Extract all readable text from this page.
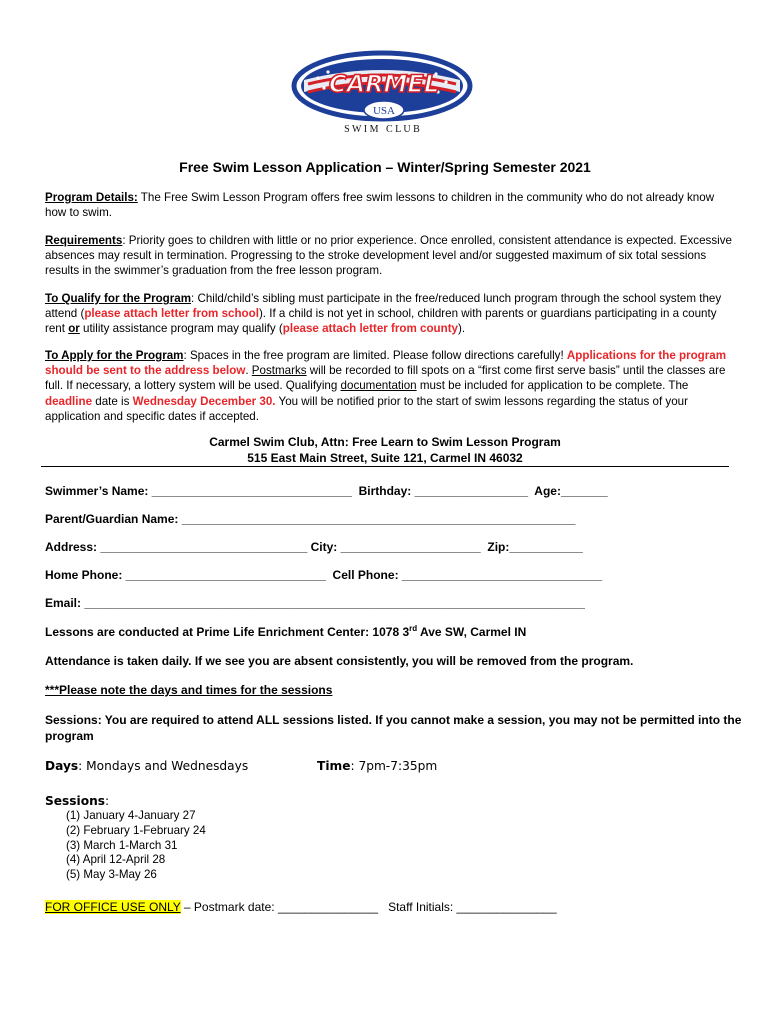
CARMEL
USA
S W I M   C L U B
Free Swim Lesson Application – Winter/Spring Semester 2021

Program Details: The Free Swim Lesson Program offers free swim lessons to children in the community who do not already know how to swim.

Requirements: Priority goes to children with little or no prior experience. Once enrolled, consistent attendance is expected. Excessive absences may result in termination. Progressing to the stroke development level and/or suggested maximum of six total sessions results in the swimmer’s graduation from the free lesson program.

To Qualify for the Program: Child/child’s sibling must participate in the free/reduced lunch program through the school system they attend (please attach letter from school). If a child is not yet in school, children with parents or guardians participating in a county rent or utility assistance program may qualify (please attach letter from county).

To Apply for the Program: Spaces in the free program are limited. Please follow directions carefully! Applications for the program should be sent to the address below. Postmarks will be recorded to fill spots on a “first come first serve basis” until the classes are full. If necessary, a lottery system will be used. Qualifying documentation must be included for application to be complete. The deadline date is Wednesday December 30. You will be notified prior to the start of swim lessons regarding the status of your application and specific dates if accepted.

Carmel Swim Club, Attn: Free Learn to Swim Lesson Program
515 East Main Street, Suite 121, Carmel IN 46032
Swimmer’s Name: ______________________________  Birthday: _________________  Age:_______
Parent/Guardian Name: ___________________________________________________________
Address: _______________________________ City: _____________________  Zip:___________
Home Phone: ______________________________  Cell Phone: ______________________________
Email: ___________________________________________________________________________
Lessons are conducted at Prime Life Enrichment Center: 1078 3rd Ave SW, Carmel IN
Attendance is taken daily. If we see you are absent consistently, you will be removed from the program.
***Please note the days and times for the sessions
Sessions: You are required to attend ALL sessions listed. If you cannot make a session, you may not be permitted into the
program
Days: Mondays and Wednesdays	Time: 7pm-7:35pm
Sessions:
(1) January 4-January 27
(2) February 1-February 24
(3) March 1-March 31
(4) April 12-April 28
(5) May 3-May 26
FOR OFFICE USE ONLY – Postmark date: _______________   Staff Initials: _______________
